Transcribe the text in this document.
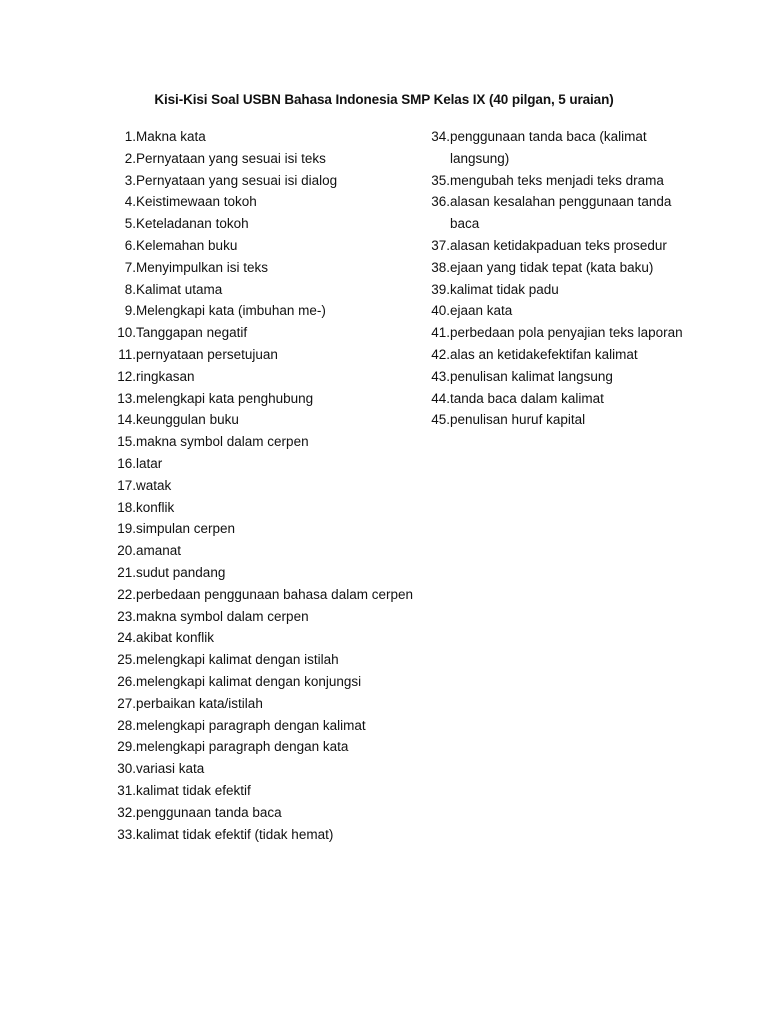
Kisi-Kisi Soal USBN Bahasa Indonesia SMP Kelas IX (40 pilgan, 5 uraian)
1. Makna kata
2. Pernyataan yang sesuai isi teks
3. Pernyataan yang sesuai isi dialog
4. Keistimewaan tokoh
5. Keteladanan tokoh
6. Kelemahan buku
7. Menyimpulkan isi teks
8. Kalimat utama
9. Melengkapi kata (imbuhan me-)
10. Tanggapan negatif
11. pernyataan persetujuan
12. ringkasan
13. melengkapi kata penghubung
14. keunggulan buku
15. makna symbol dalam cerpen
16. latar
17. watak
18. konflik
19. simpulan cerpen
20. amanat
21. sudut pandang
22. perbedaan penggunaan bahasa dalam cerpen
23. makna symbol dalam cerpen
24. akibat konflik
25. melengkapi kalimat dengan istilah
26. melengkapi kalimat dengan konjungsi
27. perbaikan kata/istilah
28. melengkapi paragraph dengan kalimat
29. melengkapi paragraph dengan kata
30. variasi kata
31. kalimat tidak efektif
32. penggunaan tanda baca
33. kalimat tidak efektif (tidak hemat)
34. penggunaan tanda baca (kalimat langsung)
35. mengubah teks menjadi teks drama
36. alasan kesalahan penggunaan tanda baca
37. alasan ketidakpaduan teks prosedur
38. ejaan yang tidak tepat (kata baku)
39. kalimat tidak padu
40. ejaan kata
41. perbedaan pola penyajian teks laporan
42. alas an ketidakefektifan kalimat
43. penulisan kalimat langsung
44. tanda baca dalam kalimat
45. penulisan huruf kapital
